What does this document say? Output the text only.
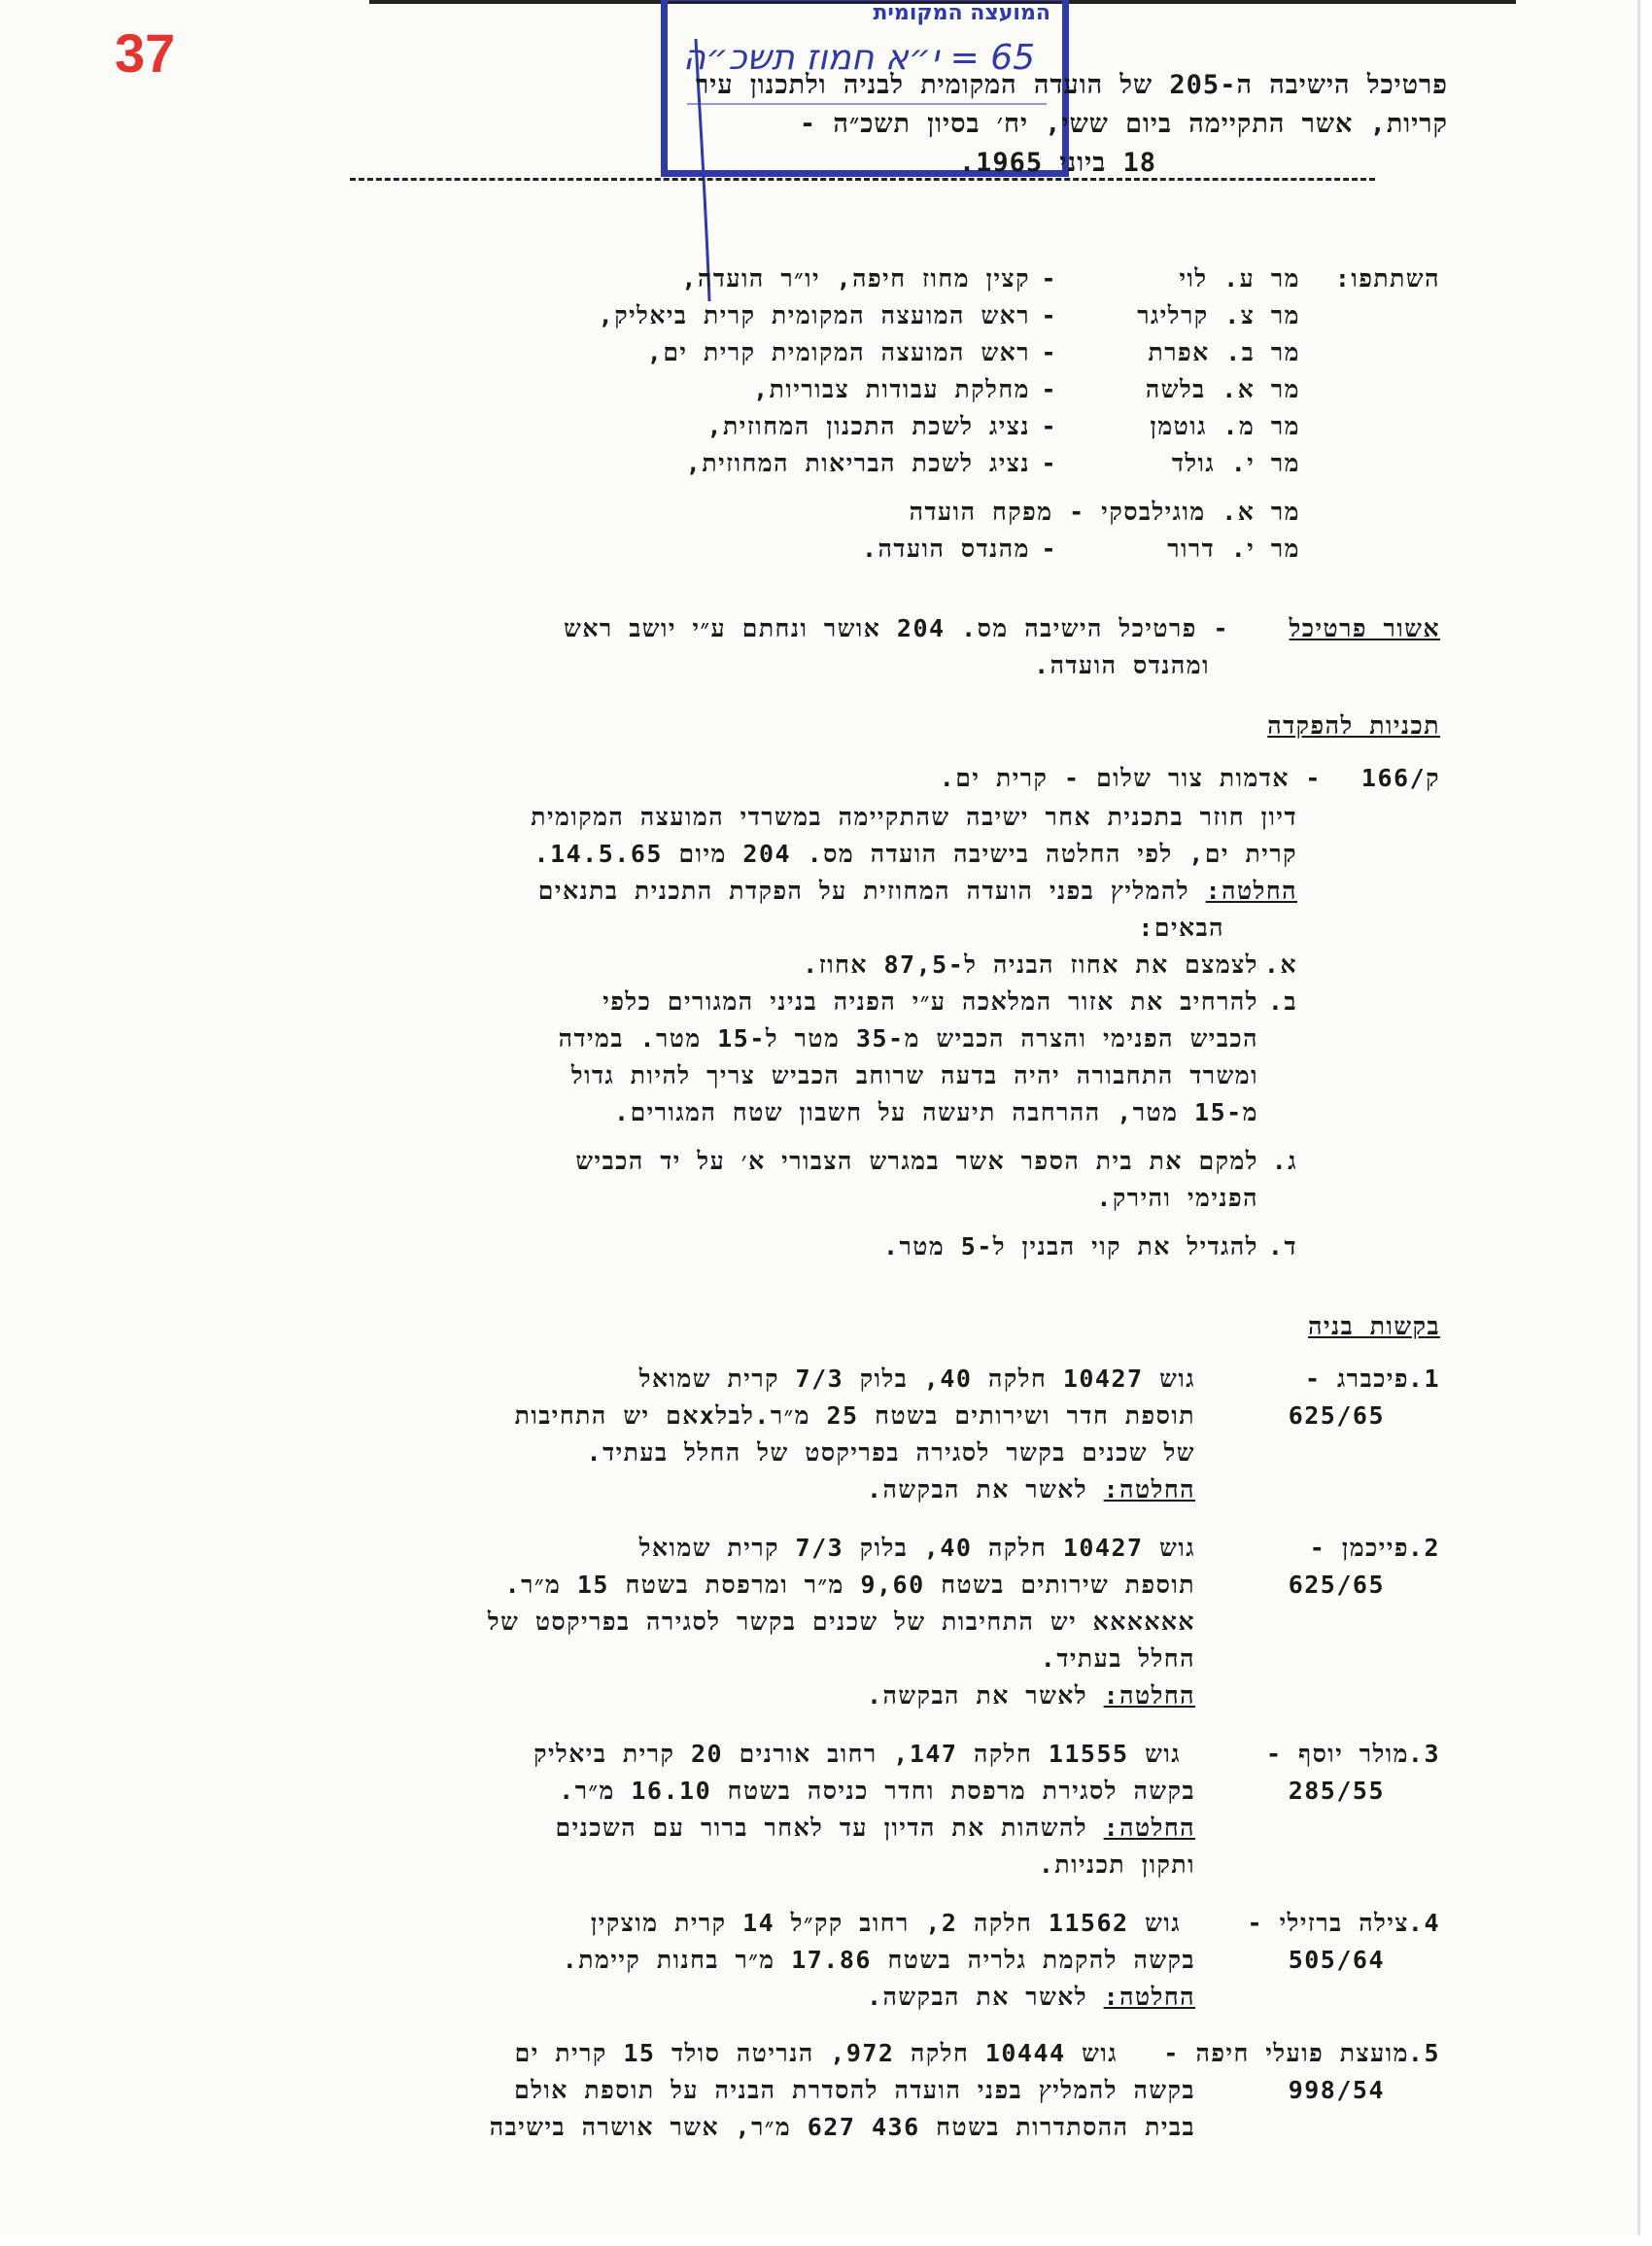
37
המועצה המקומית
65 = י״א חמוז תשכ״ה
פרטיכל הישיבה ה-205 של הועדה המקומית לבניה ולתכנון עיר
קריות, אשר התקיימה ביום ששי, יח׳ בסיון תשכ״ה -
18 ביוני 1965.
השתתפו:
מר ע. לוי
קצין מחוז חיפה, יו״ר הועדה, -
מר צ. קרליגר
ראש המועצה המקומית קרית ביאליק, -
מר ב. אפרת
ראש המועצה המקומית קרית ים, -
מר א. בלשה
מחלקת עבודות צבוריות, -
מר מ. גוטמן
נציג לשכת התכנון המחוזית, -
מר י. גולד
נציג לשכת הבריאות המחוזית, -
מר א. מוגילבסקי - מפקח הועדה
מר י. דרור
מהנדס הועדה. -
אשור פרטיכל
- פרטיכל הישיבה מס. 204 אושר ונחתם ע״י יושב ראש
ומהנדס הועדה.
תכניות להפקדה
ק/166
- אדמות צור שלום - קרית ים.
דיון חוזר בתכנית אחר ישיבה שהתקיימה במשרדי המועצה המקומית
קרית ים, לפי החלטה בישיבה הועדה מס. 204 מיום 14.5.65.
החלטה: להמליץ בפני הועדה המחוזית על הפקדת התכנית בתנאים
הבאים:
א.
לצמצם את אחוז הבניה ל-87,5 אחוז.
ב.
להרחיב את אזור המלאכה ע״י הפניה בניני המגורים כלפי
הכביש הפנימי והצרה הכביש מ-35 מטר ל-15 מטר. במידה
ומשרד התחבורה יהיה בדעה שרוחב הכביש צריך להיות גדול
מ-15 מטר, ההרחבה תיעשה על חשבון שטח המגורים.
ג.
למקם את בית הספר אשר במגרש הצבורי א׳ על יד הכביש
הפנימי והירק.
ד.
להגדיל את קוי הבנין ל-5 מטר.
בקשות בניה
1.
פיכברג -
625/65
גוש 10427 חלקה 40, בלוק 7/3 קרית שמואל
תוספת חדר ושירותים בשטח 25 מ״ר.לבלxאם יש התחיבות
של שכנים בקשר לסגירה בפריקסט של החלל בעתיד.
החלטה: לאשר את הבקשה.
2.
פייכמן -
625/65
גוש 10427 חלקה 40, בלוק 7/3 קרית שמואל
תוספת שירותים בשטח 9,60 מ״ר ומרפסת בשטח 15 מ״ר.
אאאאאא יש התחיבות של שכנים בקשר לסגירה בפריקסט של
החלל בעתיד.
החלטה: לאשר את הבקשה.
3.
מולר יוסף -
285/55
גוש 11555 חלקה 147, רחוב אורנים 20 קרית ביאליק
בקשה לסגירת מרפסת וחדר כניסה בשטח 16.10 מ״ר.
החלטה: להשהות את הדיון עד לאחר ברור עם השכנים
ותקון תכניות.
4.
צילה ברזילי -
505/64
גוש 11562 חלקה 2, רחוב קק״ל 14 קרית מוצקין
בקשה להקמת גלריה בשטח 17.86 מ״ר בחנות קיימת.
החלטה: לאשר את הבקשה.
5.
מועצת פועלי חיפה -
998/54
גוש 10444 חלקה 972, הנריטה סולד 15 קרית ים
בקשה להמליץ בפני הועדה להסדרת הבניה על תוספת אולם
בבית ההסתדרות בשטח 436 627 מ״ר, אשר אושרה בישיבה
